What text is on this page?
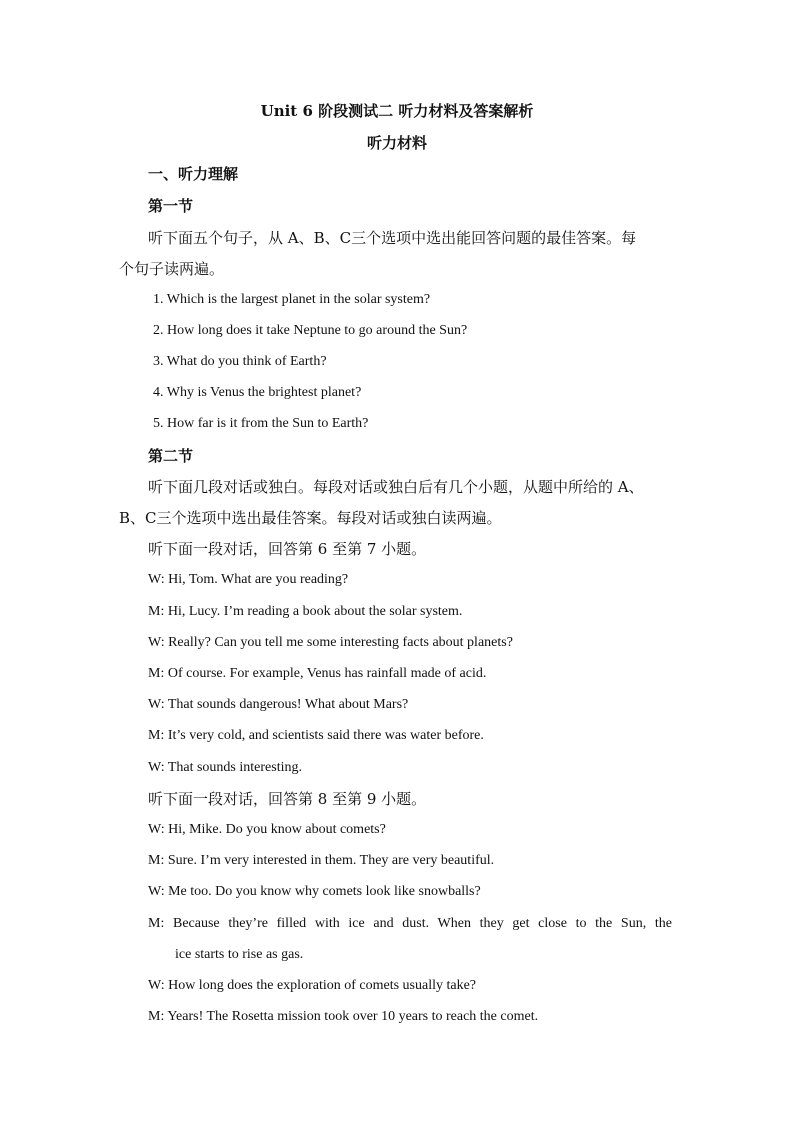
Unit 6 阶段测试二 听力材料及答案解析
听力材料
一、听力理解
第一节
听下面五个句子，从 A、B、C三个选项中选出能回答问题的最佳答案。每
个句子读两遍。
1. Which is the largest planet in the solar system?
2. How long does it take Neptune to go around the Sun?
3. What do you think of Earth?
4. Why is Venus the brightest planet?
5. How far is it from the Sun to Earth?
第二节
听下面几段对话或独白。每段对话或独白后有几个小题，从题中所给的 A、
B、C三个选项中选出最佳答案。每段对话或独白读两遍。
听下面一段对话，回答第 6 至第 7 小题。
W: Hi, Tom. What are you reading?
M: Hi, Lucy. I’m reading a book about the solar system.
W: Really? Can you tell me some interesting facts about planets?
M: Of course. For example, Venus has rainfall made of acid.
W: That sounds dangerous! What about Mars?
M: It’s very cold, and scientists said there was water before.
W: That sounds interesting.
听下面一段对话，回答第 8 至第 9 小题。
W: Hi, Mike. Do you know about comets?
M: Sure. I’m very interested in them. They are very beautiful.
W: Me too. Do you know why comets look like snowballs?
M: Because they’re filled with ice and dust. When they get close to the Sun, the
ice starts to rise as gas.
W: How long does the exploration of comets usually take?
M: Years! The Rosetta mission took over 10 years to reach the comet.
